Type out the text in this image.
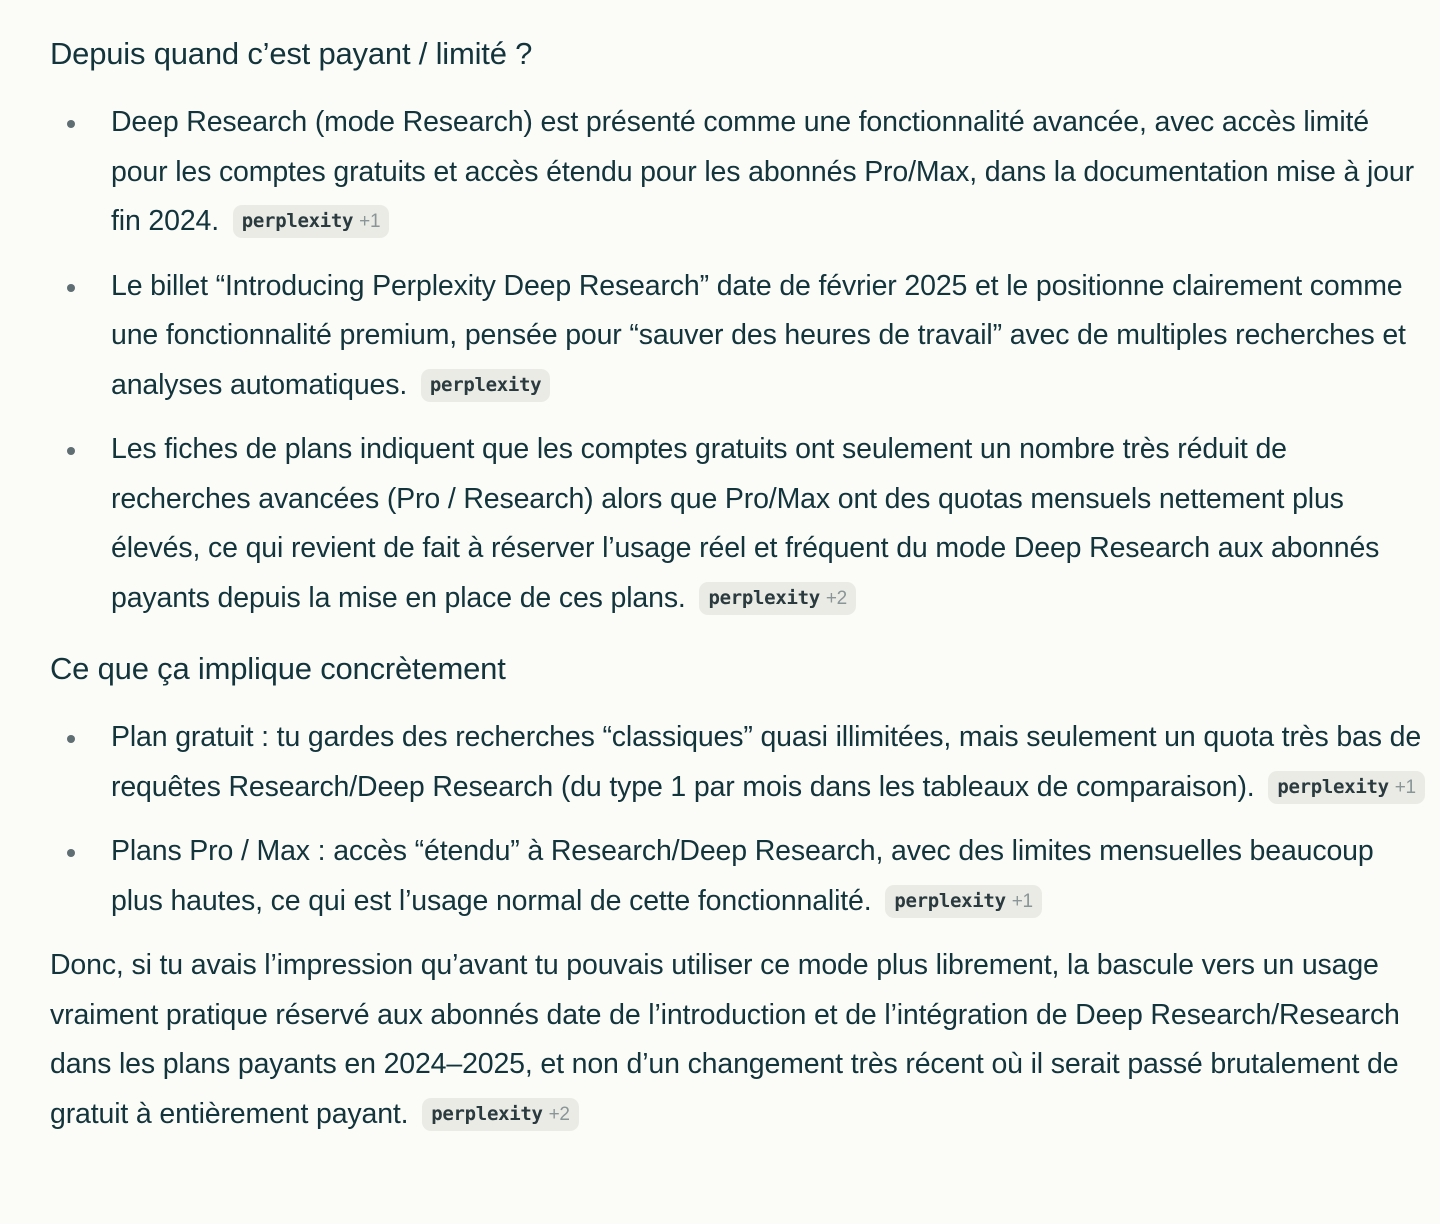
Depuis quand c’est payant / limité ?
Deep Research (mode Research) est présenté comme une fonctionnalité avancée, avec accès limité pour les comptes gratuits et accès étendu pour les abonnés Pro/Max, dans la documentation mise à jour fin 2024. perplexity +1
Le billet “Introducing Perplexity Deep Research” date de février 2025 et le positionne clairement comme une fonctionnalité premium, pensée pour “sauver des heures de travail” avec de multiples recherches et analyses automatiques. perplexity
Les fiches de plans indiquent que les comptes gratuits ont seulement un nombre très réduit de recherches avancées (Pro / Research) alors que Pro/Max ont des quotas mensuels nettement plus élevés, ce qui revient de fait à réserver l’usage réel et fréquent du mode Deep Research aux abonnés payants depuis la mise en place de ces plans. perplexity +2
Ce que ça implique concrètement
Plan gratuit : tu gardes des recherches “classiques” quasi illimitées, mais seulement un quota très bas de requêtes Research/Deep Research (du type 1 par mois dans les tableaux de comparaison). perplexity +1
Plans Pro / Max : accès “étendu” à Research/Deep Research, avec des limites mensuelles beaucoup plus hautes, ce qui est l’usage normal de cette fonctionnalité. perplexity +1

Donc, si tu avais l’impression qu’avant tu pouvais utiliser ce mode plus librement, la bascule vers un usage vraiment pratique réservé aux abonnés date de l’introduction et de l’intégration de Deep Research/Research dans les plans payants en 2024–2025, et non d’un changement très récent où il serait passé brutalement de gratuit à entièrement payant. perplexity +2
